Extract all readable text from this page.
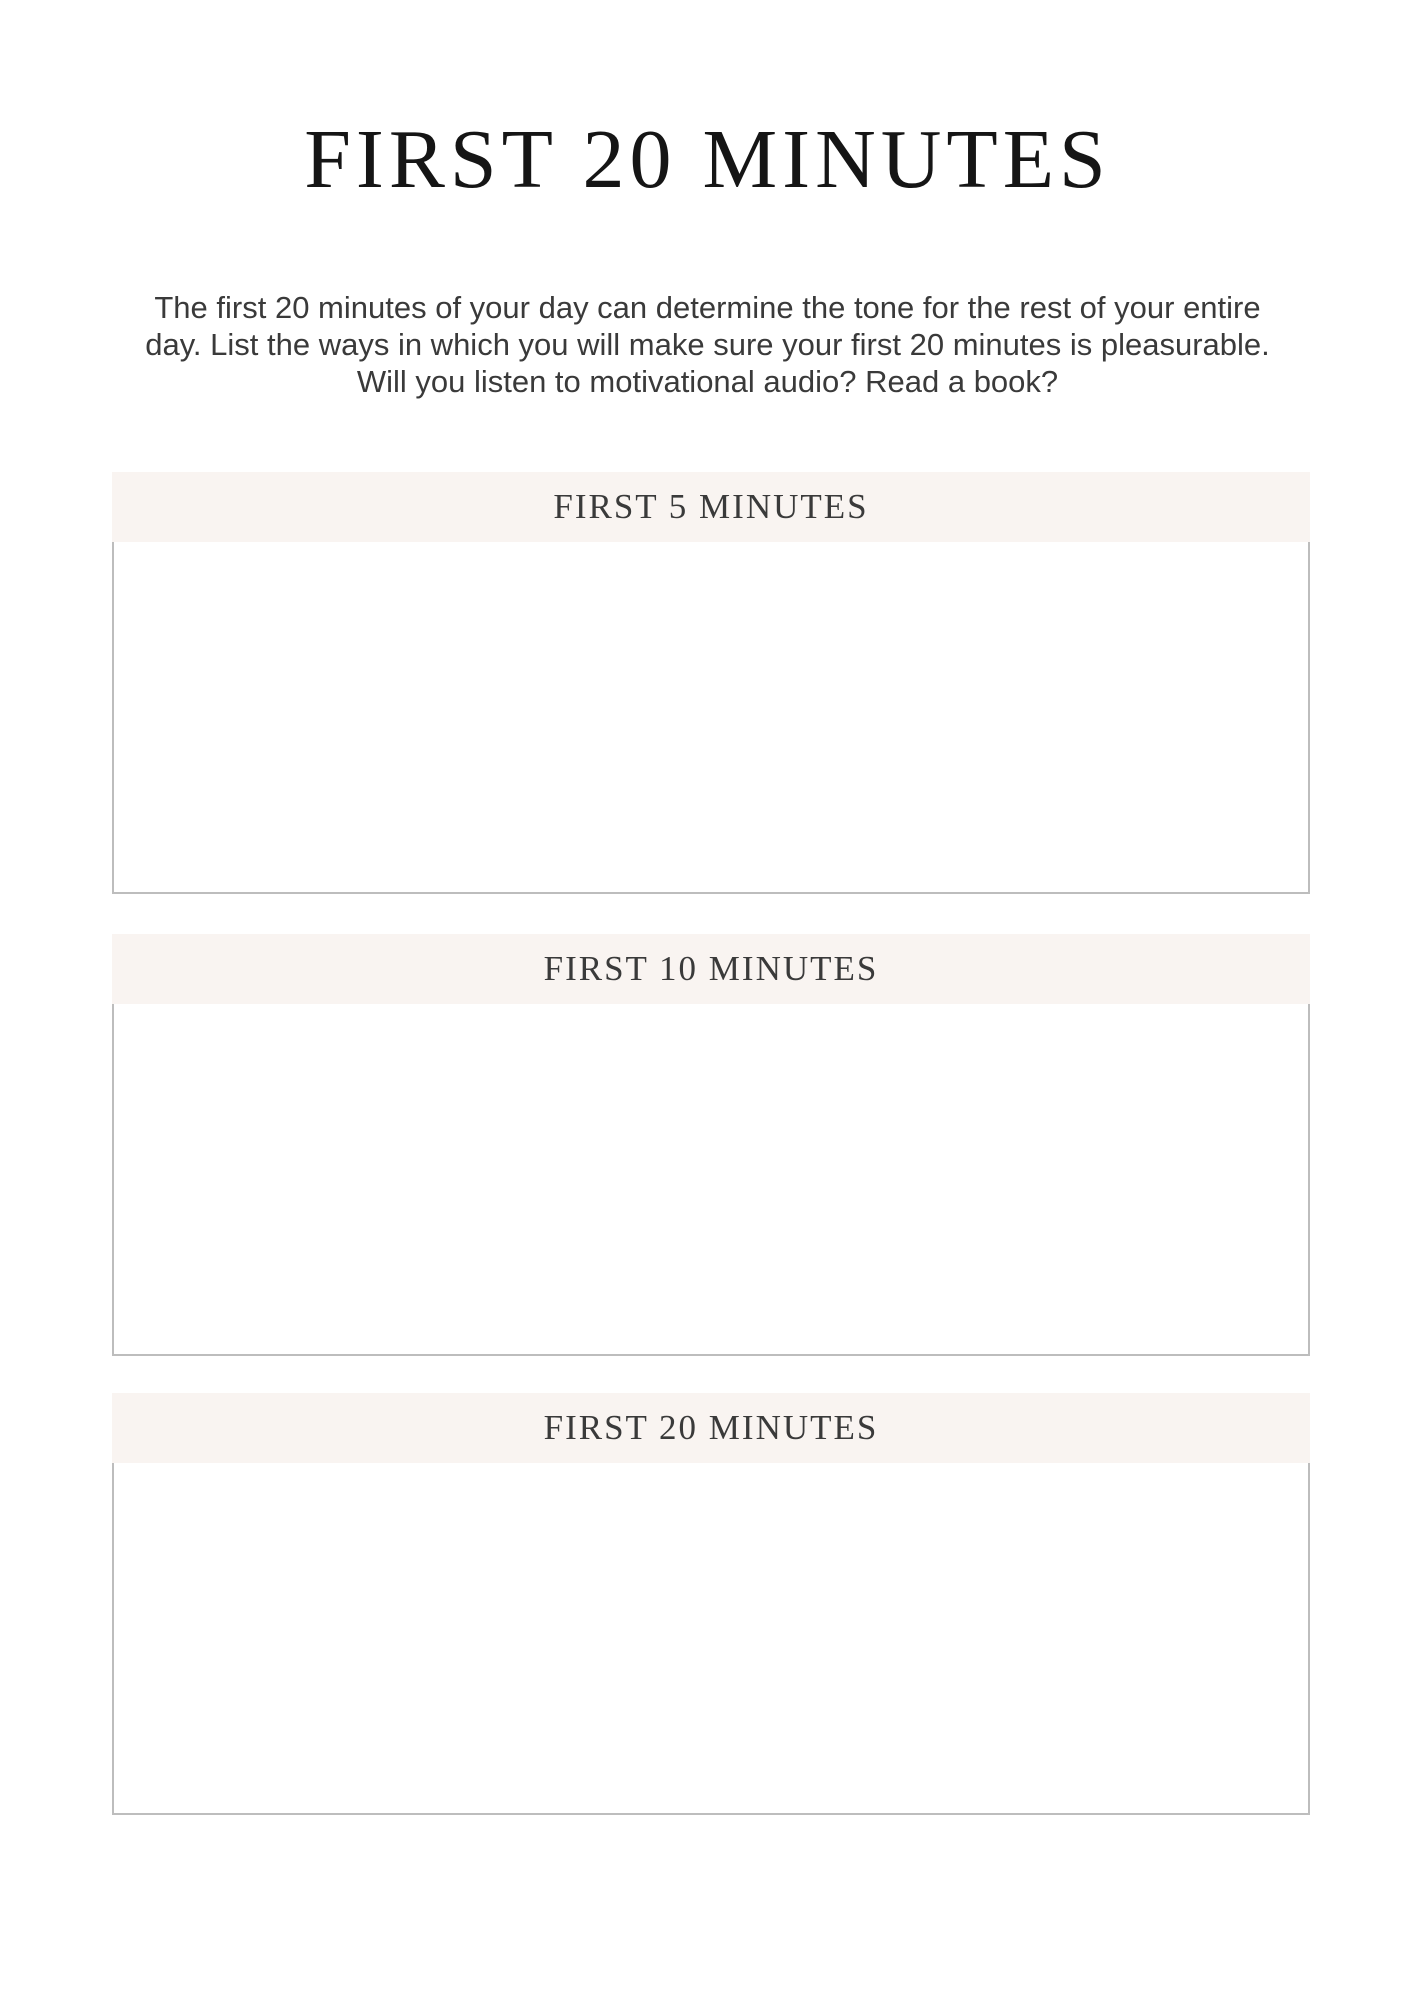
FIRST 20 MINUTES

The first 20 minutes of your day can determine the tone for the rest of your entire day. List the ways in which you will make sure your first 20 minutes is pleasurable. Will you listen to motivational audio? Read a book?

FIRST 5 MINUTES
FIRST 10 MINUTES
FIRST 20 MINUTES
